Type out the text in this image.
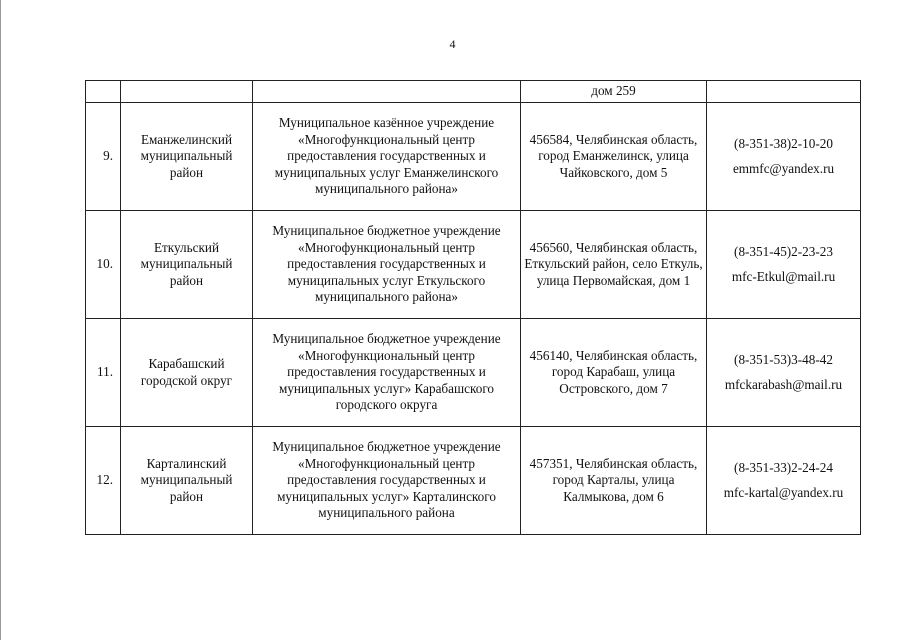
4
			дом 259	
9.	Еманжелинский муниципальный район	Муниципальное казённое учреждение «Многофункциональный центр предоставления государственных и муниципальных услуг Еманжелинского муниципального района»	456584, Челябинская область, город Еманжелинск, улица Чайковского, дом 5	(8-351-38)2-10-20
emmfc@yandex.ru

10.	Еткульский муниципальный район	Муниципальное бюджетное учреждение «Многофункциональный центр предоставления государственных и муниципальных услуг Еткульского муниципального района»	456560, Челябинская область, Еткульский район, село Еткуль, улица Первомайская, дом 1	(8-351-45)2-23-23
mfc-Etkul@mail.ru

11.	Карабашский городской округ	Муниципальное бюджетное учреждение «Многофункциональный центр предоставления государственных и муниципальных услуг» Карабашского городского округа	456140, Челябинская область, город Карабаш, улица Островского, дом 7	(8-351-53)3-48-42
mfckarabash@mail.ru

12.	Карталинский муниципальный район	Муниципальное бюджетное учреждение «Многофункциональный центр предоставления государственных и муниципальных услуг» Карталинского муниципального района	457351, Челябинская область, город Карталы, улица Калмыкова, дом 6	(8-351-33)2-24-24
mfc-kartal@yandex.ru
